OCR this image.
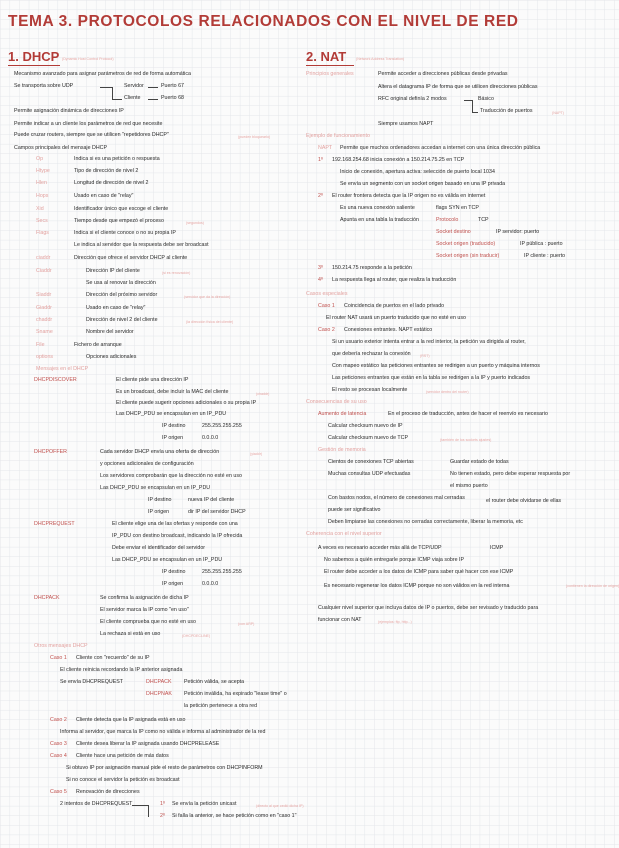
TEMA 3. PROTOCOLOS RELACIONADOS CON EL NIVEL DE RED
1. DHCP (Dynamic Host Control Protocol)
Mecanismo avanzado para asignar parámetros de red de forma automática
Se transporta sobre UDP	Servidor	Puerto 67
Cliente	Puerto 68
Permite asignación dinámica de direcciones IP
Permite indicar a un cliente los parámetros de red que necesite
Puede cruzar routers, siempre que se utilicen "repetidores DHCP"	(pueden bloquearlo)
Campos principales del mensaje DHCP
Op	Indica si es una petición o respuesta
Htype	Tipo de dirección de nivel 2
Hlen	Longitud de dirección de nivel 2
Hops	Usado en caso de "relay"
Xid	Identificador único que escoge el cliente
Secs	Tiempo desde que empezó el proceso	(segundos)
Flags	Indica si el cliente conoce o no su propia IP
Le indica al servidor que la respuesta debe ser broadcast
ciaddr	Dirección que ofrece el servidor DHCP al cliente
Ciaddr	Dirección IP del cliente	(si es renovación)
Se usa al renovar la dirección
Siaddr	Dirección del próximo servidor	(servidor que da la dirección)
Giaddr	Usado en caso de "relay"
chaddr	Dirección de nivel 2 del cliente	(la dirección física del cliente)
Sname	Nombre del servidor
File	Fichero de arranque
options	Opciones adicionales
Mensajes en el DHCP
DHCPDISCOVER	El cliente pide una dirección IP
Es un broadcast, debe incluir la MAC del cliente	(chaddr)
El cliente puede sugerir opciones adicionales o su propia IP
Las DHCP_PDU se encapsulan en un IP_PDU
IP destino	255.255.255.255
IP origen	0.0.0.0
DHCPOFFER	Cada servidor DHCP envía una oferta de dirección	(yiaddr)
y opciones adicionales de configuración
Los servidores comprobarán que la dirección no esté en uso
Las DHCP_PDU se encapsulan en un IP_PDU
IP destino	nueva IP del cliente
IP origen	dir IP del servidor DHCP
DHCPREQUEST	El cliente elige una de las ofertas y responde con una
IP_PDU con destino broadcast, indicando la IP ofrecida
Debe enviar el identificador del servidor
Las DHCP_PDU se encapsulan en un IP_PDU
IP destino	255.255.255.255
IP origen	0.0.0.0
DHCPACK	Se confirma la asignación de dicha IP
El servidor marca la IP como "en uso"
El cliente comprueba que no esté en uso	(con ARP)
La rechaza si está en uso	(DHCPDECLINE)
Otros mensajes DHCP
Caso 1 Cliente con "recuerdo" de su IP
El cliente reinicia recordando la IP anterior asignada
Se envía DHCPREQUEST	DHCPACK Petición válida, se acepta
DHCPNAK Petición inválida, ha expirado "lease time" o
la petición pertenece a otra red
Caso 2 Cliente detecta que la IP asignada está en uso
Informa al servidor, que marca la IP como no válida e informa al administrador de la red
Caso 3 Cliente desea liberar la IP asignada usando DHCPRELEASE
Caso 4 Cliente hace una petición de más datos
Si obtuvo IP por asignación manual pide el resto de parámetros con DHCPINFORM
Si no conoce el servidor la petición es broadcast
Caso 5 Renovación de direcciones
2 intentos de DHCPREQUEST	1º Se envía la petición unicast	(directo al que cedió dicha IP)
2º Si falla la anterior, se hace petición como en "caso 1"
2. NAT	(Network Address Translation)
Principios generales	Permite acceder a direcciones públicas desde privadas
Altera el datagrama IP de forma que se utilicen direcciones públicas
RFC original definía 2 modos	Básico
Traducción de puertos	(NAPT)
Siempre usamos NAPT
Ejemplo de funcionamiento
NAPT Permite que muchos ordenadores accedan a internet con una única dirección pública
1º 192.168.254.68 inicia conexión a 150.214.75.25 en TCP
Inicio de conexión, apertura activa: selección de puerto local 1034
Se envía un segmento con un socket origen basado en una IP privada
2º El router frontera detecta que la IP origen no es válida en internet
Es una nueva conexión saliente	flags SYN en TCP
Apunta en una tabla la traducción	Protocolo	TCP
Socket destino	IP servidor: puerto
Socket origen (traducido)	IP pública : puerto
Socket origen (sin traducir)	IP cliente : puerto
3º 150.214.75 responde a la petición
4º La respuesta llega al router, que realiza la traducción
Casos especiales
Caso 1 Coincidencia de puertos en el lado privado
El router NAT usará un puerto traducido que no esté en uso
Caso 2 Conexiones entrantes. NAPT estático
Si un usuario exterior intenta entrar a la red interior, la petición va dirigida al router,
que debería rechazar la conexión	(RST)
Con mapeo estático las peticiones entrantes se redirigen a un puerto y máquina internos
Las peticiones entrantes que están en la tabla se redirigen a la IP y puerto indicados
El resto se procesan localmente	(servidor dentro del router)
Consecuencias de su uso
Aumento de latencia	En el proceso de traducción, antes de hacer el reenvío es necesario
Calcular checksum nuevo de IP
Calcular checksum nuevo de TCP	(también de los sockets ajustes)
Gestión de memoria
Cientos de conexiones TCP abiertas	Guardar estado de todas
Muchas consultas UDP efectuadas	No tienen estado, pero debe esperar respuesta por
el mismo puerto
Con bastos nodos, el número de conexiones mal cerradas	el router debe olvidarse de ellas
puede ser significativo
Deben limpiarse las conexiones no cerradas correctamente, liberar la memoria, etc
Coherencia con el nivel superior
A veces es necesario acceder más allá de TCP/UDP	ICMP
No sabemos a quién entregarle porque ICMP viaja sobre IP
El router debe acceder a los datos de ICMP para saber qué hacer con ese ICMP
Es necesario regenerar los datos ICMP porque no son válidos en la red interna	(contienen la dirección de origen)
Cualquier nivel superior que incluya datos de IP o puertos, debe ser revisado y traducido para
funcionar con NAT	(ejemplos: ftp, http...)
